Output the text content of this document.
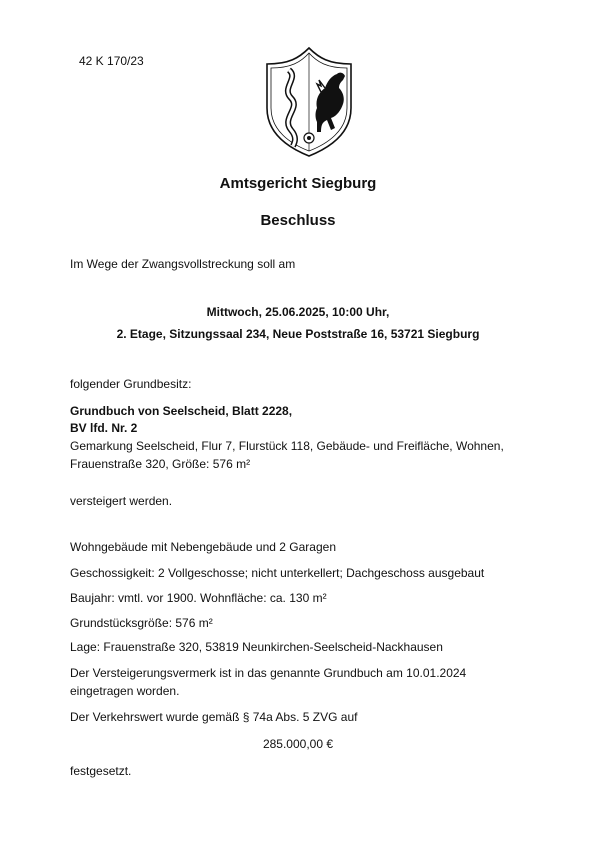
42 K 170/23
Amtsgericht Siegburg
Beschluss
Im Wege der Zwangsvollstreckung soll am
Mittwoch, 25.06.2025, 10:00 Uhr,
2. Etage, Sitzungssaal 234, Neue Poststraße 16, 53721 Siegburg
folgender Grundbesitz:
Grundbuch von Seelscheid, Blatt 2228,
BV lfd. Nr. 2
Gemarkung Seelscheid, Flur 7, Flurstück 118, Gebäude- und Freifläche, Wohnen,
Frauenstraße 320, Größe: 576 m²
versteigert werden.
Wohngebäude mit Nebengebäude und 2 Garagen
Geschossigkeit: 2 Vollgeschosse; nicht unterkellert; Dachgeschoss ausgebaut
Baujahr: vmtl. vor 1900. Wohnfläche: ca. 130 m²
Grundstücksgröße: 576 m²
Lage: Frauenstraße 320, 53819 Neunkirchen-Seelscheid-Nackhausen
Der Versteigerungsvermerk ist in das genannte Grundbuch am 10.01.2024
eingetragen worden.
Der Verkehrswert wurde gemäß § 74a Abs. 5 ZVG auf
285.000,00 €
festgesetzt.
